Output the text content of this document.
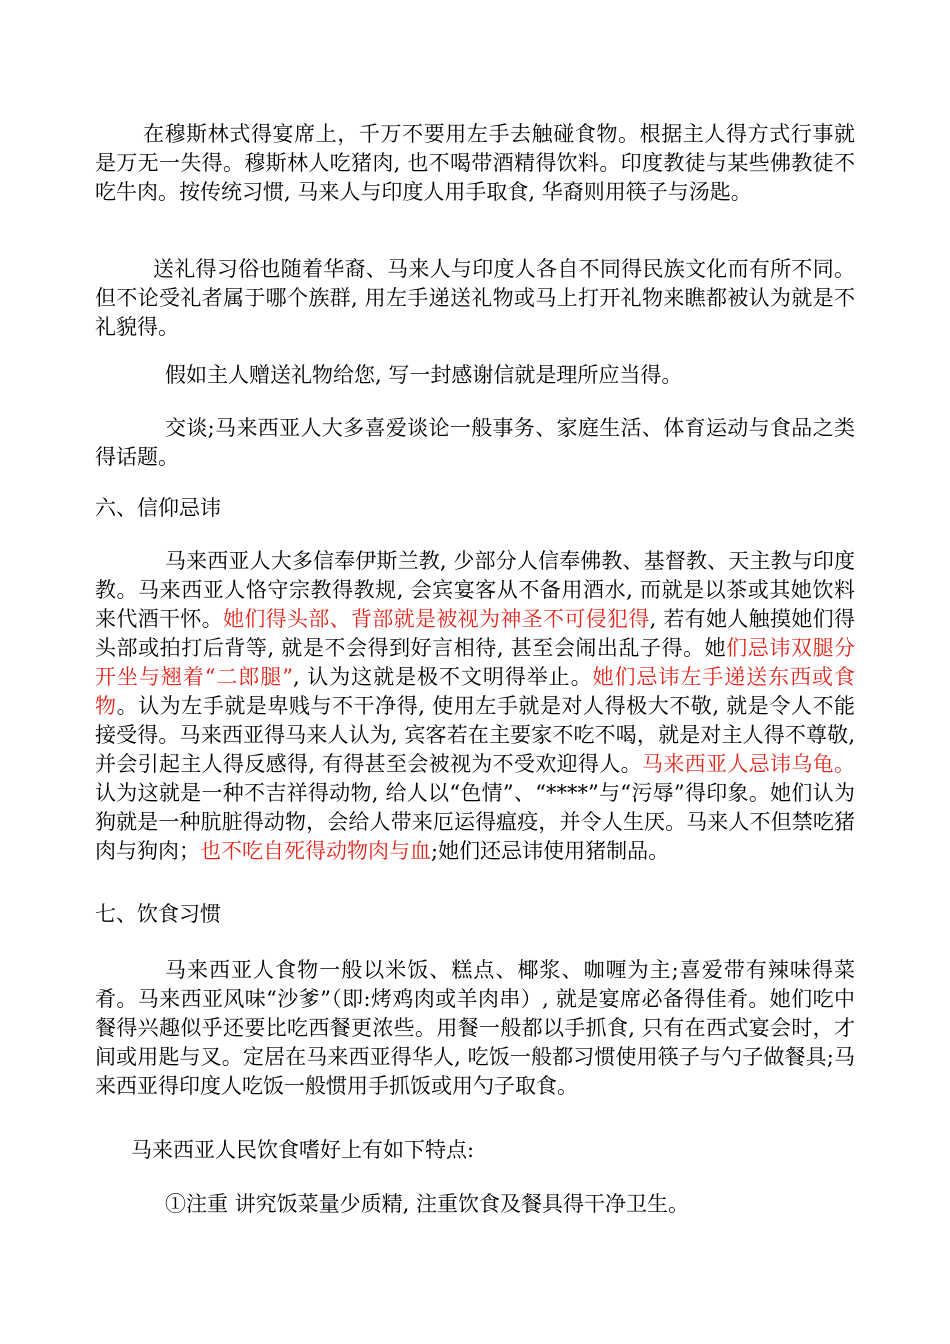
在穆斯林式得宴席上，千万不要用左手去触碰食物。根据主人得方式行事就是万无一失得。穆斯林人吃猪肉, 也不喝带酒精得饮料。印度教徒与某些佛教徒不吃牛肉。按传统习惯, 马来人与印度人用手取食, 华裔则用筷子与汤匙。

送礼得习俗也随着华裔、马来人与印度人各自不同得民族文化而有所不同。但不论受礼者属于哪个族群, 用左手递送礼物或马上打开礼物来瞧都被认为就是不礼貌得。

假如主人赠送礼物给您, 写一封感谢信就是理所应当得。

交谈;马来西亚人大多喜爱谈论一般事务、家庭生活、体育运动与食品之类得话题。

六、信仰忌讳

马来西亚人大多信奉伊斯兰教, 少部分人信奉佛教、基督教、天主教与印度教。马来西亚人恪守宗教得教规, 会宾宴客从不备用酒水, 而就是以茶或其她饮料来代酒干怀。她们得头部、背部就是被视为神圣不可侵犯得, 若有她人触摸她们得头部或拍打后背等, 就是不会得到好言相待, 甚至会闹出乱子得。她们忌讳双腿分开坐与翘着“二郎腿”, 认为这就是极不文明得举止。她们忌讳左手递送东西或食物。认为左手就是卑贱与不干净得, 使用左手就是对人得极大不敬, 就是令人不能接受得。马来西亚得马来人认为, 宾客若在主要家不吃不喝，就是对主人得不尊敬, 并会引起主人得反感得, 有得甚至会被视为不受欢迎得人。马来西亚人忌讳乌龟。认为这就是一种不吉祥得动物, 给人以“色情”、“****”与“污辱”得印象。她们认为狗就是一种肮脏得动物，会给人带来厄运得瘟疫，并令人生厌。马来人不但禁吃猪肉与狗肉；也不吃自死得动物肉与血;她们还忌讳使用猪制品。

七、饮食习惯

马来西亚人食物一般以米饭、糕点、椰浆、咖喱为主;喜爱带有辣味得菜肴。马来西亚风味“沙爹”（即:烤鸡肉或羊肉串）, 就是宴席必备得佳肴。她们吃中餐得兴趣似乎还要比吃西餐更浓些。用餐一般都以手抓食, 只有在西式宴会时，才间或用匙与叉。定居在马来西亚得华人, 吃饭一般都习惯使用筷子与勺子做餐具;马来西亚得印度人吃饭一般惯用手抓饭或用勺子取食。

马来西亚人民饮食嗜好上有如下特点:

①注重 讲究饭菜量少质精, 注重饮食及餐具得干净卫生。
